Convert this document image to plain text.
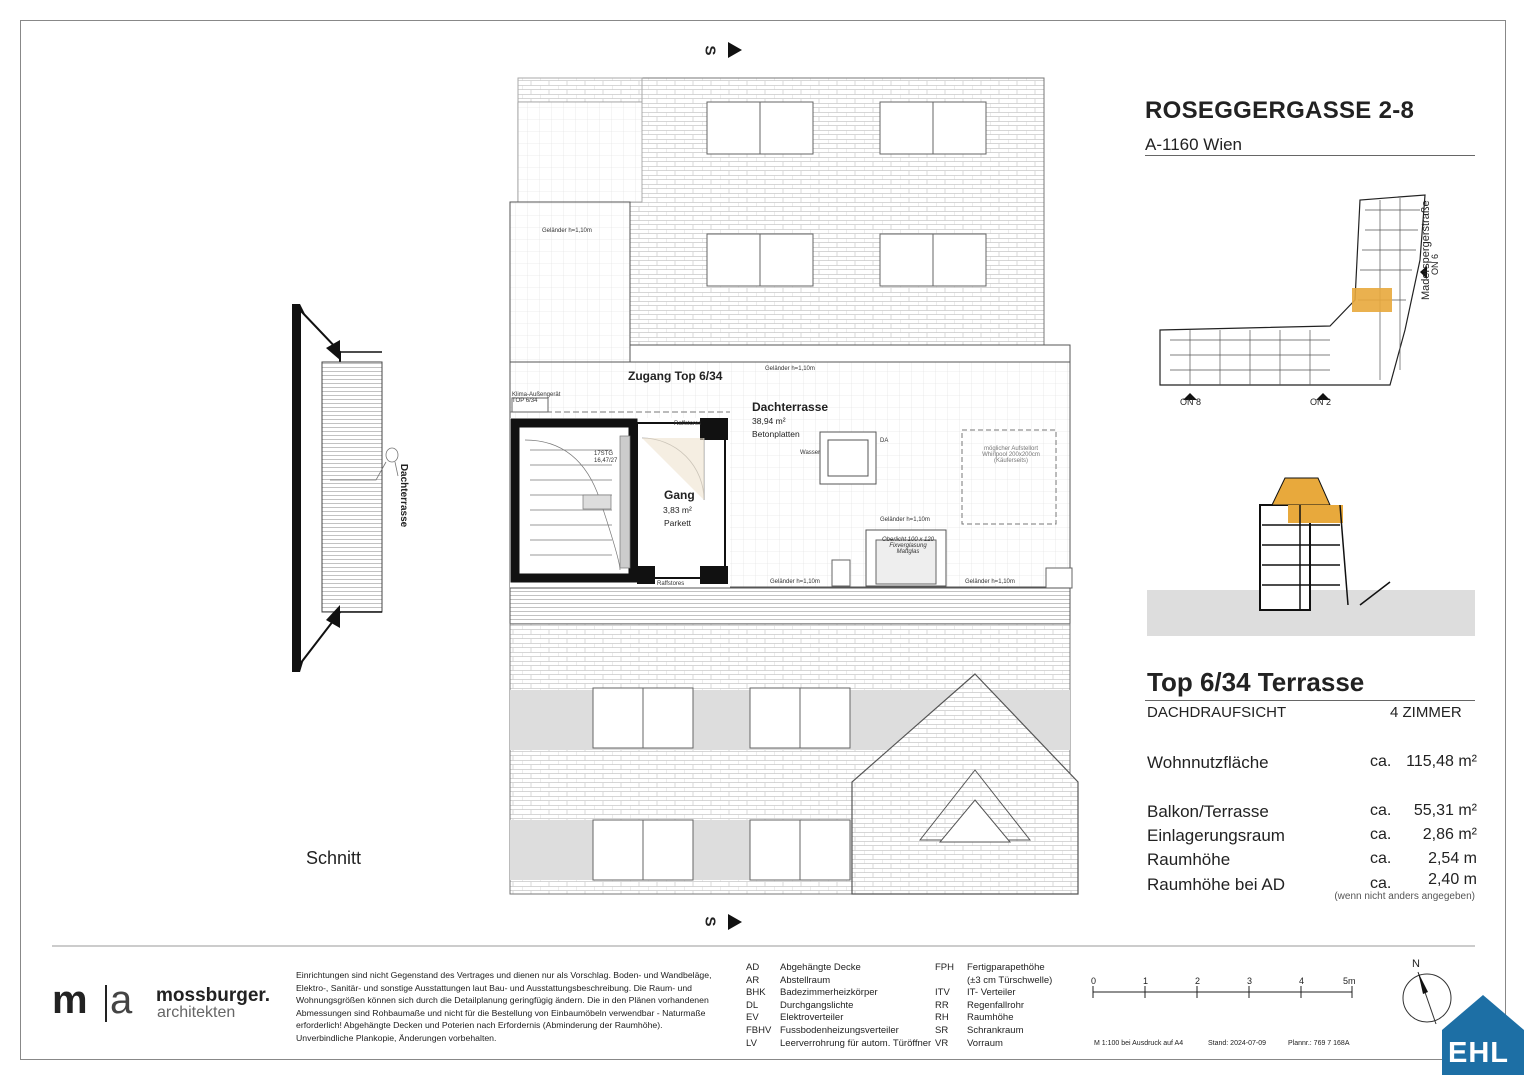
S
S
Zugang Top 6/34
Dachterrasse
38,94 m²
Betonplatten
Gang
3,83 m²
Parkett
Geländer h=1,10m
Geländer h=1,10m
Geländer h=1,10m
Geländer h=1,10m	Geländer h=1,10m
Klima-Außengerät TOP 6/34
Raffstores
Raffstores
17STG
16,47/27
Wasser
DA
möglicher Aufstellort Whirlpool 200x200cm (Käuferseits)
Oberlicht 100 x 120 Fixverglasung Mattglas
Schnitt
Dachterrasse
ROSEGGERGASSE 2-8
A-1160 Wien
Maderspergerstraße
ON 6
ON 8	ON 2
Top 6/34 Terrasse
DACHDRAUFSICHT	4 ZIMMER
Wohnnutzfläche	ca. 115,48 m²
Balkon/Terrasse	ca.	55,31 m²
Einlagerungsraum	ca.	2,86 m²
Raumhöhe	ca.	2,54 m
Raumhöhe bei AD	ca.	2,40 m
(wenn nicht anders angegeben)
m a mossburger.
architekten
Einrichtungen sind nicht Gegenstand des Vertrages und dienen nur als Vorschlag. Boden- und Wandbeläge, Elektro-, Sanitär- und sonstige Ausstattungen laut Bau- und Ausstattungsbeschreibung. Die Raum- und Wohnungsgrößen können sich durch die Detailplanung geringfügig ändern. Die in den Plänen vorhandenen Abmessungen sind Rohbaumaße und nicht für die Bestellung von Einbaumöbeln verwendbar - Naturmaße erforderlich! Abgehängte Decken und Poterien nach Erfordernis (Abminderung der Raumhöhe). Unverbindliche Plankopie, Änderungen vorbehalten.
AD	Abgehängte Decke
AR	Abstellraum
BHK	Badezimmerheizkörper
DL	Durchgangslichte
EV	Elektroverteiler
FBHV Fussbodenheizungsverteiler
LV	Leerverrohrung für autom. Türöffner
FPH	Fertigparapethöhe
(±3 cm Türschwelle)
ITV	IT- Verteiler
RR	Regenfallrohr
RH	Raumhöhe
SR	Schrankraum
VR	Vorraum
0	1	2	3	4	5m
M 1:100 bei Ausdruck auf A4	Stand: 2024-07-09	Plannr.: 769 7 168A
N
EHL
